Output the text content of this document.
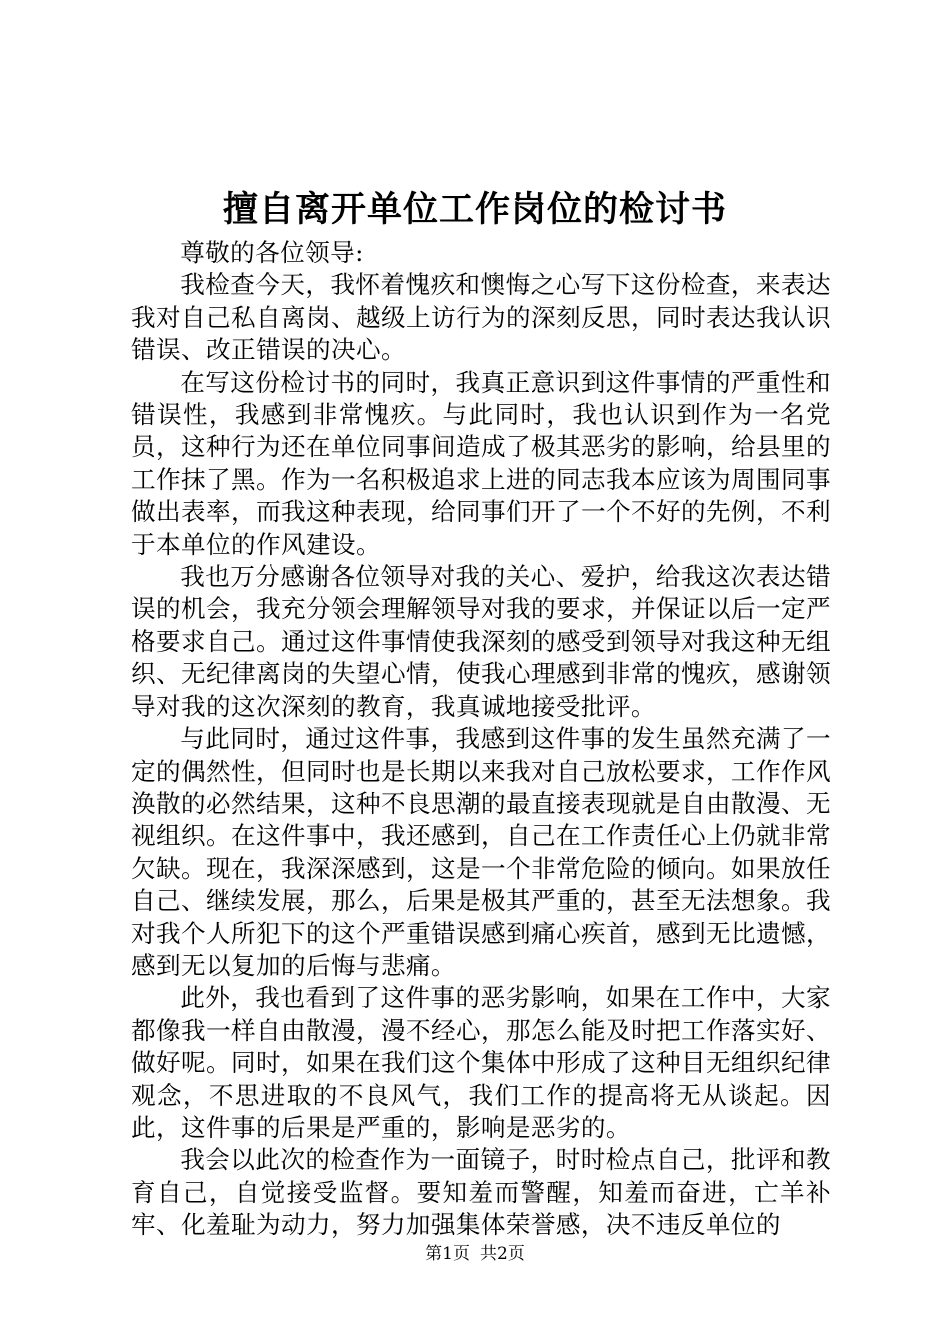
擅自离开单位工作岗位的检讨书

尊敬的各位领导:

我检查今天，我怀着愧疚和懊悔之心写下这份检查，来表达我对自己私自离岗、越级上访行为的深刻反思，同时表达我认识错误、改正错误的决心。

在写这份检讨书的同时，我真正意识到这件事情的严重性和错误性，我感到非常愧疚。与此同时，我也认识到作为一名党员，这种行为还在单位同事间造成了极其恶劣的影响，给县里的工作抹了黑。作为一名积极追求上进的同志我本应该为周围同事做出表率，而我这种表现，给同事们开了一个不好的先例，不利于本单位的作风建设。

我也万分感谢各位领导对我的关心、爱护，给我这次表达错误的机会，我充分领会理解领导对我的要求，并保证以后一定严格要求自己。通过这件事情使我深刻的感受到领导对我这种无组织、无纪律离岗的失望心情，使我心理感到非常的愧疚，感谢领导对我的这次深刻的教育，我真诚地接受批评。

与此同时，通过这件事，我感到这件事的发生虽然充满了一定的偶然性，但同时也是长期以来我对自己放松要求，工作作风涣散的必然结果，这种不良思潮的最直接表现就是自由散漫、无视组织。在这件事中，我还感到，自己在工作责任心上仍就非常欠缺。现在，我深深感到，这是一个非常危险的倾向。如果放任自己、继续发展，那么，后果是极其严重的，甚至无法想象。我对我个人所犯下的这个严重错误感到痛心疾首，感到无比遗憾，感到无以复加的后悔与悲痛。

此外，我也看到了这件事的恶劣影响，如果在工作中，大家都像我一样自由散漫，漫不经心，那怎么能及时把工作落实好、做好呢。同时，如果在我们这个集体中形成了这种目无组织纪律观念，不思进取的不良风气，我们工作的提高将无从谈起。因此，这件事的后果是严重的，影响是恶劣的。

我会以此次的检查作为一面镜子，时时检点自己，批评和教育自己，自觉接受监督。要知羞而警醒，知羞而奋进，亡羊补牢、化羞耻为动力，努力加强集体荣誉感，决不违反单位的

第1页 共2页
